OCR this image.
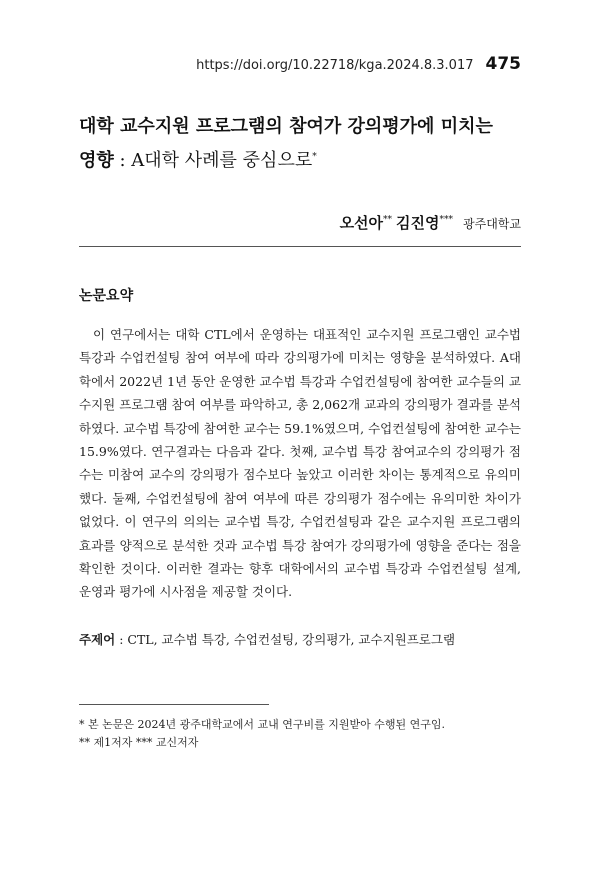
https://doi.org/10.22718/kga.2024.8.3.017 475
대학 교수지원 프로그램의 참여가 강의평가에 미치는
영향 : A대학 사례를 중심으로*
오선아** 김진영*** 광주대학교
논문요약

이 연구에서는 대학 CTL에서 운영하는 대표적인 교수지원 프로그램인 교수법 특강과 수업컨설팅 참여 여부에 따라 강의평가에 미치는 영향을 분석하였다. A대학에서 2022년 1년 동안 운영한 교수법 특강과 수업컨설팅에 참여한 교수들의 교수지원 프로그램 참여 여부를 파악하고, 총 2,062개 교과의 강의평가 결과를 분석하였다. 교수법 특강에 참여한 교수는 59.1%였으며, 수업컨설팅에 참여한 교수는 15.9%였다. 연구결과는 다음과 같다. 첫째, 교수법 특강 참여교수의 강의평가 점수는 미참여 교수의 강의평가 점수보다 높았고 이러한 차이는 통계적으로 유의미했다. 둘째, 수업컨설팅에 참여 여부에 따른 강의평가 점수에는 유의미한 차이가 없었다. 이 연구의 의의는 교수법 특강, 수업컨설팅과 같은 교수지원 프로그램의 효과를 양적으로 분석한 것과 교수법 특강 참여가 강의평가에 영향을 준다는 점을 확인한 것이다. 이러한 결과는 향후 대학에서의 교수법 특강과 수업컨설팅 설계, 운영과 평가에 시사점을 제공할 것이다.

주제어 : CTL, 교수법 특강, 수업컨설팅, 강의평가, 교수지원프로그램
* 본 논문은 2024년 광주대학교에서 교내 연구비를 지원받아 수행된 연구임.
** 제1저자 *** 교신저자
